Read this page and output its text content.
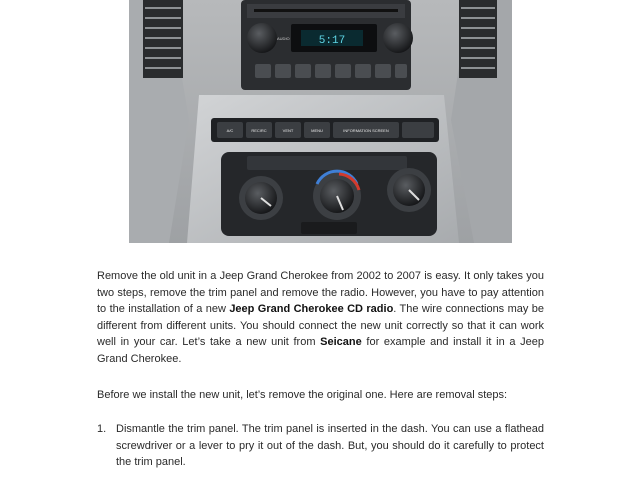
5:17
AUDIO
A/C	RECIRC	VENT	MENU	INFORMATION SCREEN
Remove the old unit in a Jeep Grand Cherokee from 2002 to 2007 is easy. It only takes you two steps, remove the trim panel and remove the radio. However, you have to pay attention to the installation of a new Jeep Grand Cherokee CD radio. The wire connections may be different from different units. You should connect the new unit correctly so that it can work well in your car. Let’s take a new unit from Seicane for example and install it in a Jeep Grand Cherokee.
Before we install the new unit, let’s remove the original one. Here are removal steps:
1. Dismantle the trim panel. The trim panel is inserted in the dash. You can use a flathead screwdriver or a lever to pry it out of the dash. But, you should do it carefully to protect the trim panel.
